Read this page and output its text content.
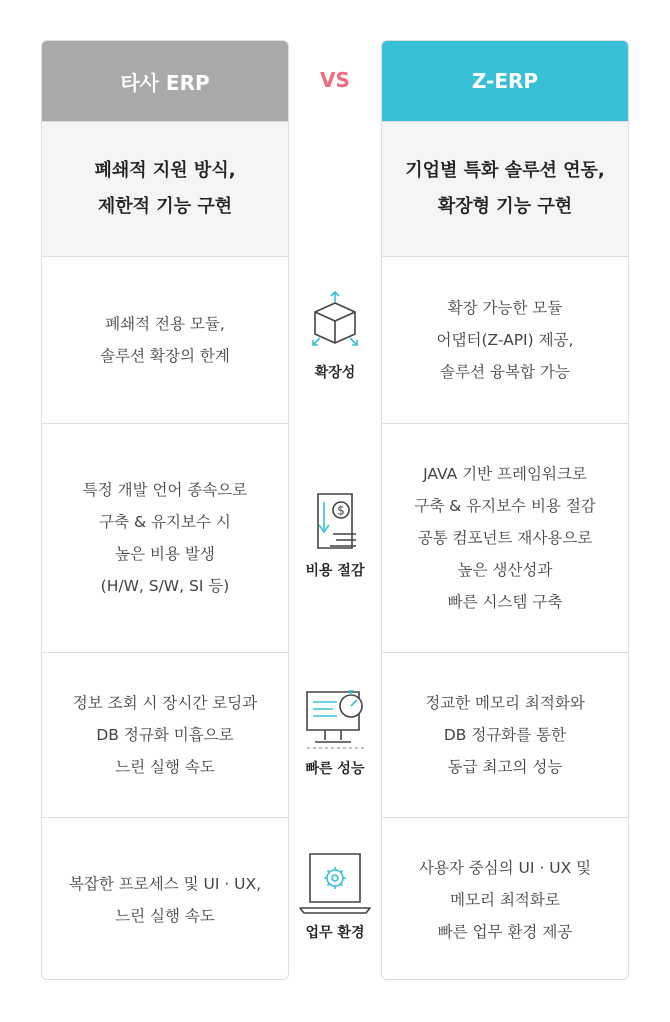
타사 ERP
폐쇄적 지원 방식,
제한적 기능 구현
폐쇄적 전용 모듈,
솔루션 확장의 한계
특정 개발 언어 종속으로
구축 & 유지보수 시
높은 비용 발생
(H/W, S/W, SI 등)
정보 조회 시 장시간 로딩과
DB 정규화 미흡으로
느린 실행 속도
복잡한 프로세스 및 UI · UX,
느린 실행 속도
VS	Z-ERP
기업별 특화 솔루션 연동,
확장형 기능 구현
확장 가능한 모듈
어댑터(Z-API) 제공,
솔루션 융복합 가능
JAVA 기반 프레임워크로
구축 & 유지보수 비용 절감
공통 컴포넌트 재사용으로
높은 생산성과
빠른 시스템 구축
정교한 메모리 최적화와
DB 정규화를 통한
동급 최고의 성능
사용자 중심의 UI · UX 및
메모리 최적화로
빠른 업무 환경 제공
확장성
$
비용 절감
빠른 성능
업무 환경
